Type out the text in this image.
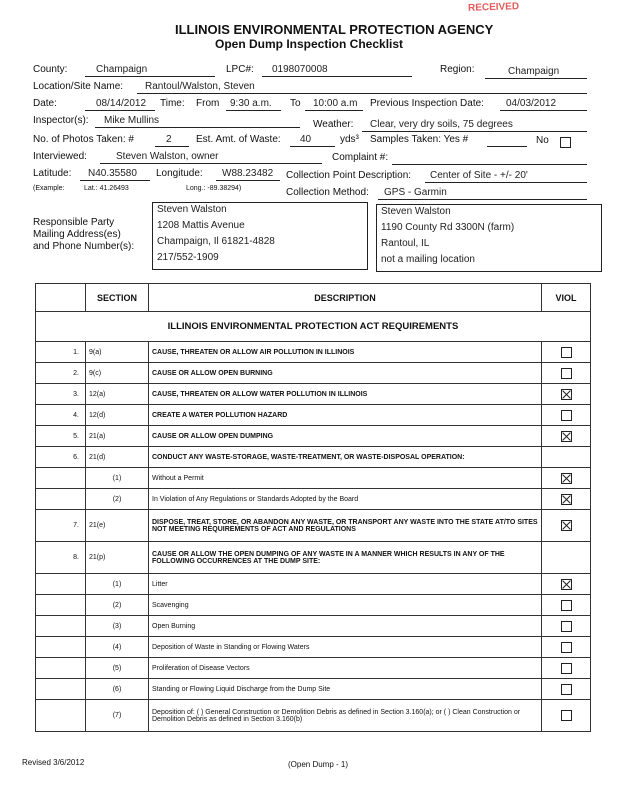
RECEIVED
ILLINOIS ENVIRONMENTAL PROTECTION AGENCY
Open Dump Inspection Checklist
County:	Champaign	LPC#: 0198070008	Region:	Champaign
Location/Site Name: Rantoul/Walston, Steven
Date:	08/14/2012 Time: From 9:30 a.m. To 10:00 a.m Previous Inspection Date: 04/03/2012
Inspector(s): Mike Mullins	Weather: Clear, very dry soils, 75 degrees
No. of Photos Taken: #	2 Est. Amt. of Waste: 40	yds³ Samples Taken: Yes #	No
Interviewed:	Steven Walston, owner	Complaint #:
Latitude: N40.35580 Longitude: W88.23482 Collection Point Description: Center of Site - +/- 20'
(Example:	Lat.: 41.26493	Long.: -89.38294)	Collection Method: GPS - Garmin
Responsible Party
Mailing Address(es)
and Phone Number(s):
Steven Walston
1208 Mattis Avenue
Champaign, Il 61821-4828
217/552-1909
Steven Walston
1190 County Rd 3300N (farm)
Rantoul, IL
not a mailing location
	SECTION	DESCRIPTION	VIOL
ILLINOIS ENVIRONMENTAL PROTECTION ACT REQUIREMENTS			
1.	9(a)	CAUSE, THREATEN OR ALLOW AIR POLLUTION IN ILLINOIS	
2.	9(c)	CAUSE OR ALLOW OPEN BURNING	
3.	12(a)	CAUSE, THREATEN OR ALLOW WATER POLLUTION IN ILLINOIS	
4.	12(d)	CREATE A WATER POLLUTION HAZARD	
5.	21(a)	CAUSE OR ALLOW OPEN DUMPING	
6.	21(d)	CONDUCT ANY WASTE-STORAGE, WASTE-TREATMENT, OR WASTE-DISPOSAL OPERATION:	
	(1)	Without a Permit	
	(2)	In Violation of Any Regulations or Standards Adopted by the Board	
7.	21(e)	DISPOSE, TREAT, STORE, OR ABANDON ANY WASTE, OR TRANSPORT ANY WASTE INTO THE STATE AT/TO SITES NOT MEETING REQUIREMENTS OF ACT AND REGULATIONS	
8.	21(p)	CAUSE OR ALLOW THE OPEN DUMPING OF ANY WASTE IN A MANNER WHICH RESULTS IN ANY OF THE FOLLOWING OCCURRENCES AT THE DUMP SITE:	
	(1)	Litter	
	(2)	Scavenging	
	(3)	Open Burning	
	(4)	Deposition of Waste in Standing or Flowing Waters	
	(5)	Proliferation of Disease Vectors	
	(6)	Standing or Flowing Liquid Discharge from the Dump Site	
	(7)	Deposition of: ( ) General Construction or Demolition Debris as defined in Section 3.160(a); or ( ) Clean Construction or Demolition Debris as defined in Section 3.160(b)	
Revised 3/6/2012	(Open Dump - 1)
